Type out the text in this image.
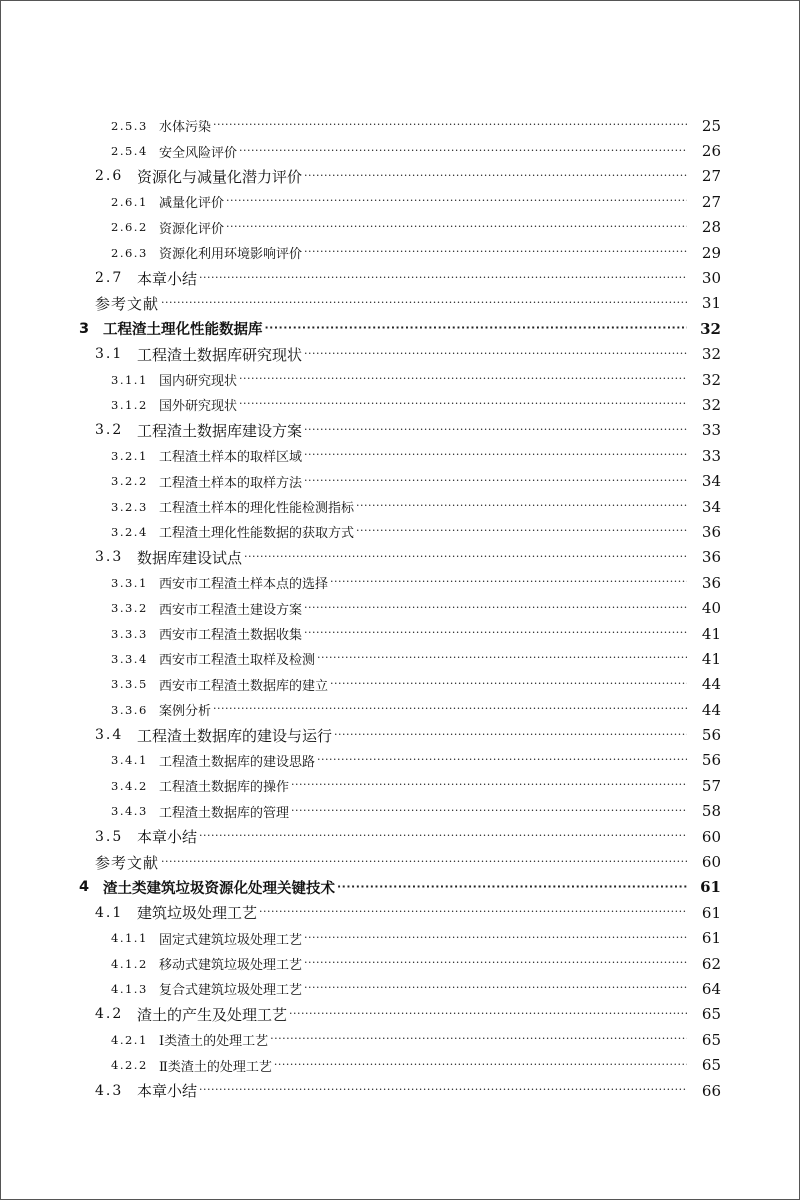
2.5.3 水体污染 ·····	25
2.5.4 安全风险评价 ·····	26
2.6 资源化与减量化潜力评价 ·····	27
2.6.1 减量化评价 ·····	27
2.6.2 资源化评价 ·····	28
2.6.3 资源化利用环境影响评价 ·····	29
2.7 本章小结 ·····	30
参考文献 ·····	31
3 工程渣土理化性能数据库 ·····	32
3.1 工程渣土数据库研究现状 ·····	32
3.1.1 国内研究现状 ·····	32
3.1.2 国外研究现状 ·····	32
3.2 工程渣土数据库建设方案 ·····	33
3.2.1 工程渣土样本的取样区域 ·····	33
3.2.2 工程渣土样本的取样方法 ·····	34
3.2.3 工程渣土样本的理化性能检测指标 ·····	34
3.2.4 工程渣土理化性能数据的获取方式 ·····	36
3.3 数据库建设试点 ·····	36
3.3.1 西安市工程渣土样本点的选择 ·····	36
3.3.2 西安市工程渣土建设方案 ·····	40
3.3.3 西安市工程渣土数据收集 ·····	41
3.3.4 西安市工程渣土取样及检测 ·····	41
3.3.5 西安市工程渣土数据库的建立 ·····	44
3.3.6 案例分析 ·····	44
3.4 工程渣土数据库的建设与运行 ·····	56
3.4.1 工程渣土数据库的建设思路 ·····	56
3.4.2 工程渣土数据库的操作 ·····	57
3.4.3 工程渣土数据库的管理 ·····	58
3.5 本章小结 ·····	60
参考文献 ·····	60
4 渣土类建筑垃圾资源化处理关键技术 ·····	61
4.1 建筑垃圾处理工艺 ·····	61
4.1.1 固定式建筑垃圾处理工艺 ·····	61
4.1.2 移动式建筑垃圾处理工艺 ·····	62
4.1.3 复合式建筑垃圾处理工艺 ·····	64
4.2 渣土的产生及处理工艺 ·····	65
4.2.1 Ⅰ类渣土的处理工艺 ·····	65
4.2.2 Ⅱ类渣土的处理工艺 ·····	65
4.3 本章小结 ·····	66
